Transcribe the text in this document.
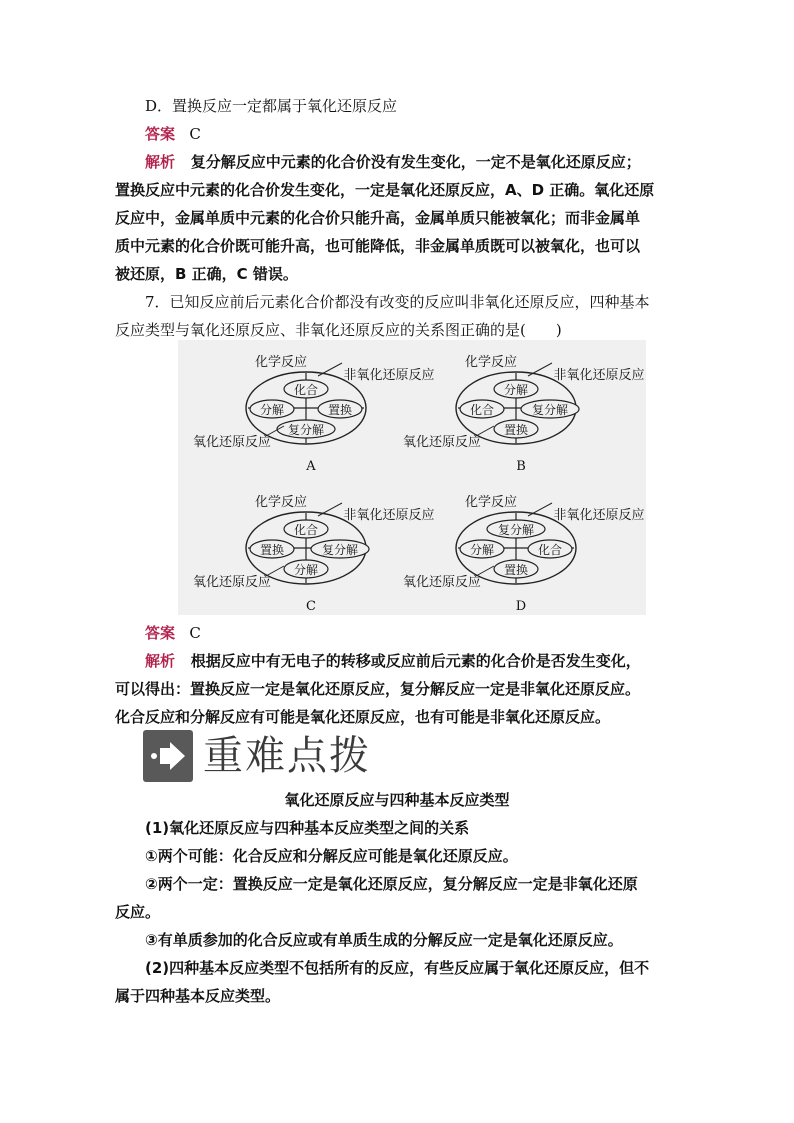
D．置换反应一定都属于氧化还原反应
答案 C
解析 复分解反应中元素的化合价没有发生变化，一定不是氧化还原反应；
置换反应中元素的化合价发生变化，一定是氧化还原反应，A、D 正确。氧化还原
反应中，金属单质中元素的化合价只能升高，金属单质只能被氧化；而非金属单
质中元素的化合价既可能升高，也可能降低，非金属单质既可以被氧化，也可以
被还原，B 正确，C 错误。
7．已知反应前后元素化合价都没有改变的反应叫非氧化还原反应，四种基本
反应类型与氧化还原反应、非氧化还原反应的关系图正确的是(　　)
化合
分解	置换
复分解
化学反应
非氧化还原反应
氧化还原反应
A
分解
化合	复分解
置换
化学反应
非氧化还原反应
氧化还原反应
B
化合
置换	复分解
分解
化学反应
非氧化还原反应
氧化还原反应
C
复分解
分解	化合
置换
化学反应
非氧化还原反应
氧化还原反应
D
答案 C
解析 根据反应中有无电子的转移或反应前后元素的化合价是否发生变化，
可以得出：置换反应一定是氧化还原反应，复分解反应一定是非氧化还原反应。
化合反应和分解反应有可能是氧化还原反应，也有可能是非氧化还原反应。
重难点拨
氧化还原反应与四种基本反应类型
(1)氧化还原反应与四种基本反应类型之间的关系
①两个可能：化合反应和分解反应可能是氧化还原反应。
②两个一定：置换反应一定是氧化还原反应，复分解反应一定是非氧化还原
反应。
③有单质参加的化合反应或有单质生成的分解反应一定是氧化还原反应。
(2)四种基本反应类型不包括所有的反应，有些反应属于氧化还原反应，但不
属于四种基本反应类型。
